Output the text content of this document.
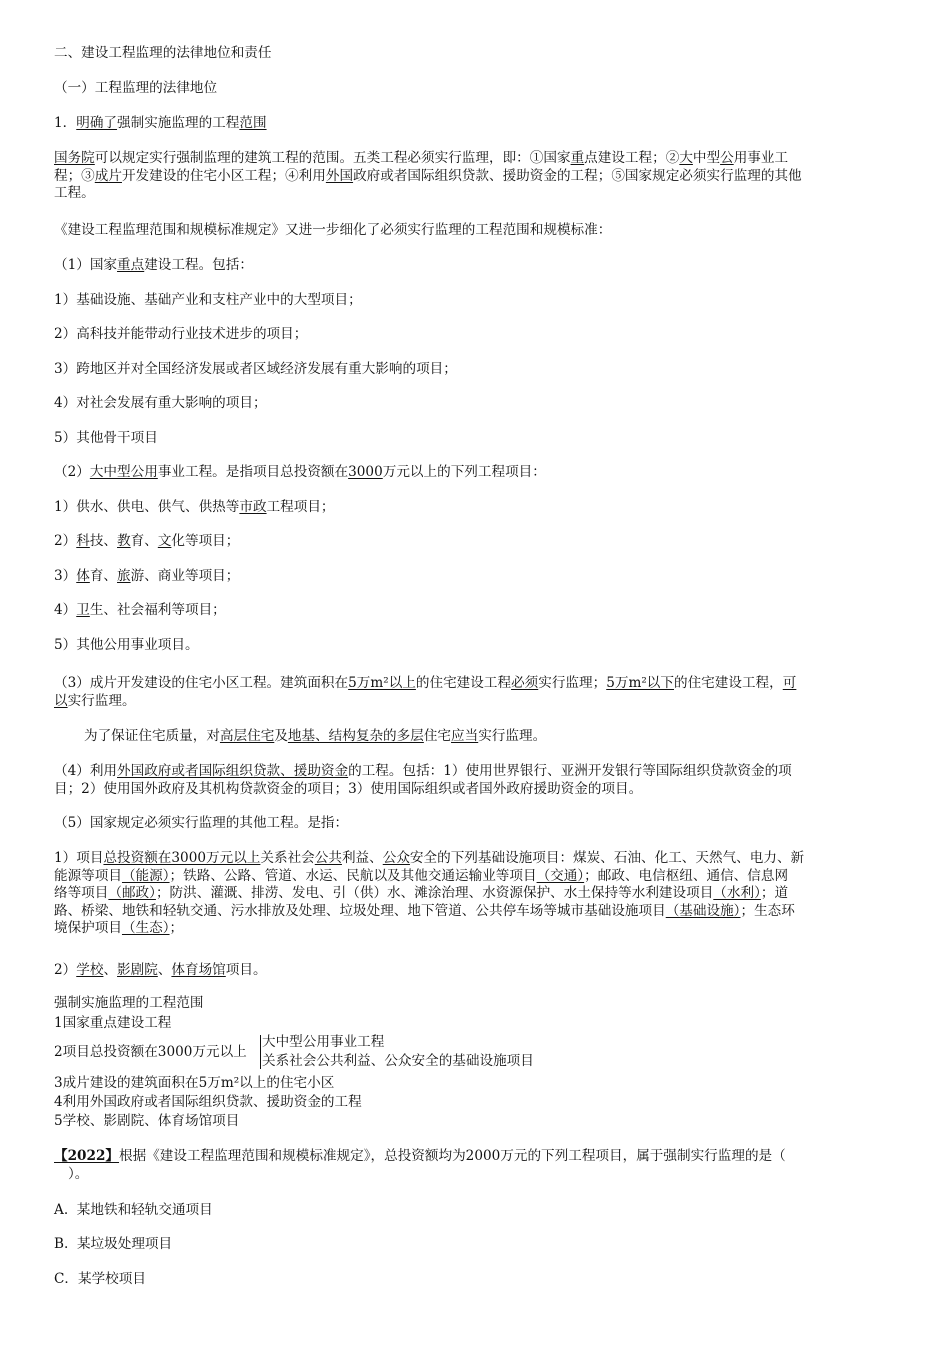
二、建设工程监理的法律地位和责任
（一）工程监理的法律地位
1．明确了强制实施监理的工程范围
国务院可以规定实行强制监理的建筑工程的范围。五类工程必须实行监理，即：①国家重点建设工程；②大中型公用事业工
程；③成片开发建设的住宅小区工程；④利用外国政府或者国际组织贷款、援助资金的工程；⑤国家规定必须实行监理的其他
工程。
《建设工程监理范围和规模标准规定》又进一步细化了必须实行监理的工程范围和规模标准：
（1）国家重点建设工程。包括：
1）基础设施、基础产业和支柱产业中的大型项目；
2）高科技并能带动行业技术进步的项目；
3）跨地区并对全国经济发展或者区域经济发展有重大影响的项目；
4）对社会发展有重大影响的项目；
5）其他骨干项目
（2）大中型公用事业工程。是指项目总投资额在3000万元以上的下列工程项目：
1）供水、供电、供气、供热等市政工程项目；
2）科技、教育、文化等项目；
3）体育、旅游、商业等项目；
4）卫生、社会福利等项目；
5）其他公用事业项目。
（3）成片开发建设的住宅小区工程。建筑面积在5万m²以上的住宅建设工程必须实行监理；5万m²以下的住宅建设工程，可
以实行监理。
为了保证住宅质量，对高层住宅及地基、结构复杂的多层住宅应当实行监理。
（4）利用外国政府或者国际组织贷款、援助资金的工程。包括：1）使用世界银行、亚洲开发银行等国际组织贷款资金的项
目；2）使用国外政府及其机构贷款资金的项目；3）使用国际组织或者国外政府援助资金的项目。
（5）国家规定必须实行监理的其他工程。是指：
1）项目总投资额在3000万元以上关系社会公共利益、公众安全的下列基础设施项目：煤炭、石油、化工、天然气、电力、新
能源等项目（能源）；铁路、公路、管道、水运、民航以及其他交通运输业等项目（交通）；邮政、电信枢纽、通信、信息网
络等项目（邮政）；防洪、灌溉、排涝、发电、引（供）水、滩涂治理、水资源保护、水土保持等水利建设项目（水利）；道
路、桥梁、地铁和轻轨交通、污水排放及处理、垃圾处理、地下管道、公共停车场等城市基础设施项目（基础设施）；生态环
境保护项目（生态）；
2）学校、影剧院、体育场馆项目。
强制实施监理的工程范围
1国家重点建设工程
2项目总投资额在3000万元以上
大中型公用事业工程
关系社会公共利益、公众安全的基础设施项目
3成片建设的建筑面积在5万m²以上的住宅小区
4利用外国政府或者国际组织贷款、援助资金的工程
5学校、影剧院、体育场馆项目
【2022】根据《建设工程监理范围和规模标准规定》，总投资额均为2000万元的下列工程项目，属于强制实行监理的是（
）。
A. 某地铁和轻轨交通项目
B. 某垃圾处理项目
C．某学校项目
